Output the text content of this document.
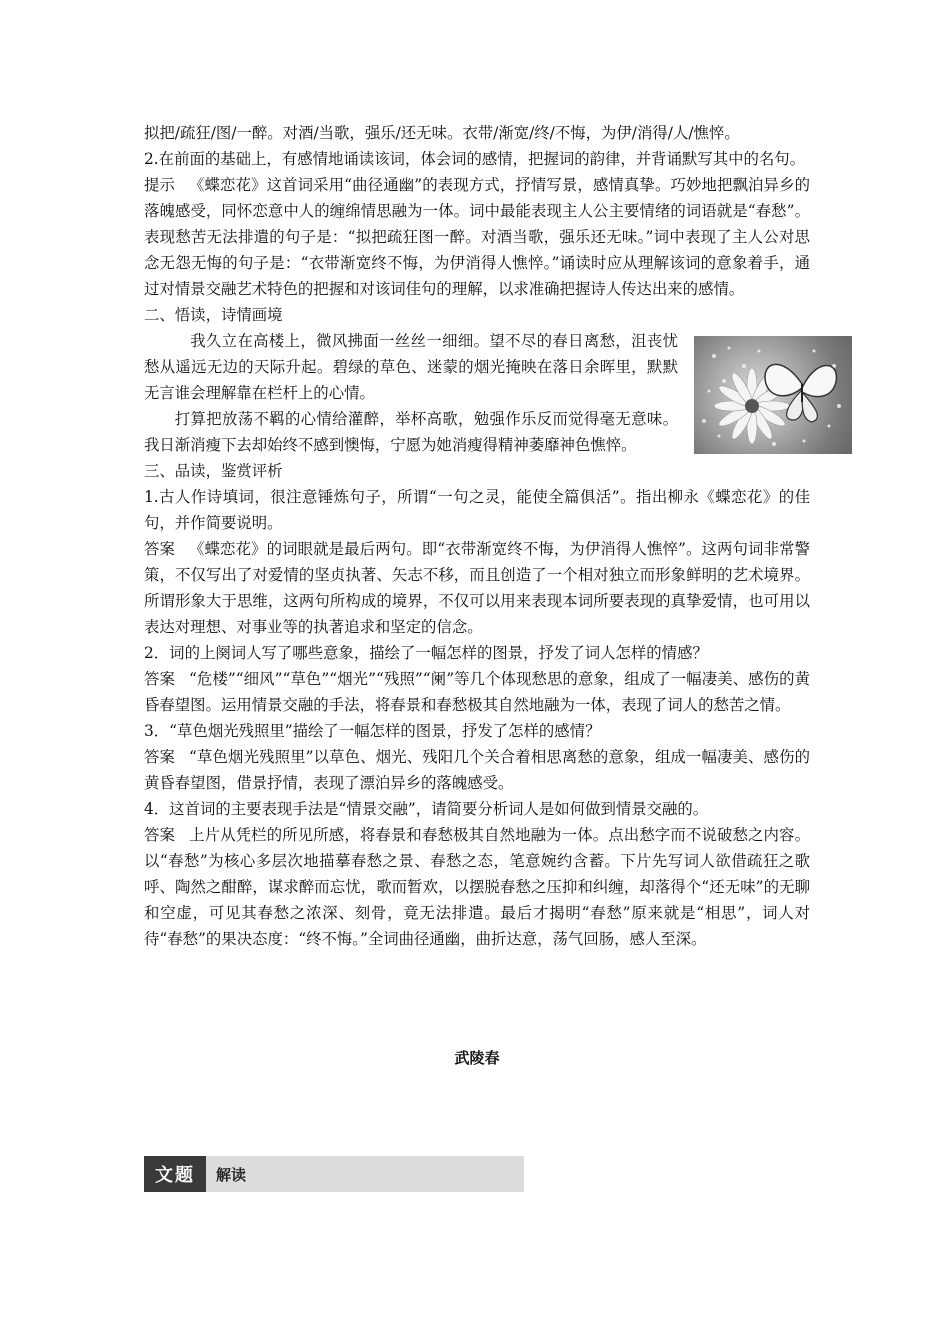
拟把/疏狂/图/一醉。对酒/当歌，强乐/还无味。衣带/渐宽/终/不悔，为伊/消得/人/憔悴。

2.在前面的基础上，有感情地诵读该词，体会词的感情，把握词的韵律，并背诵默写其中的名句。

提示 《蝶恋花》这首词采用“曲径通幽”的表现方式，抒情写景，感情真挚。巧妙地把飘泊异乡的落魄感受，同怀恋意中人的缠绵情思融为一体。词中最能表现主人公主要情绪的词语就是“春愁”。表现愁苦无法排遣的句子是：“拟把疏狂图一醉。对酒当歌，强乐还无味。”词中表现了主人公对思念无怨无悔的句子是：“衣带渐宽终不悔，为伊消得人憔悴。”诵读时应从理解该词的意象着手，通过对情景交融艺术特色的把握和对该词佳句的理解，以求准确把握诗人传达出来的感情。

二、悟读，诗情画境

我久立在高楼上，微风拂面一丝丝一细细。望不尽的春日离愁，沮丧忧愁从遥远无边的天际升起。碧绿的草色、迷蒙的烟光掩映在落日余晖里，默默无言谁会理解靠在栏杆上的心情。

打算把放荡不羁的心情给灌醉，举杯高歌，勉强作乐反而觉得毫无意味。我日渐消瘦下去却始终不感到懊悔，宁愿为她消瘦得精神萎靡神色憔悴。

三、品读，鉴赏评析

1.古人作诗填词，很注意锤炼句子，所谓“一句之灵，能使全篇俱活”。指出柳永《蝶恋花》的佳句，并作简要说明。

答案 《蝶恋花》的词眼就是最后两句。即“衣带渐宽终不悔，为伊消得人憔悴”。这两句词非常警策，不仅写出了对爱情的坚贞执著、矢志不移，而且创造了一个相对独立而形象鲜明的艺术境界。所谓形象大于思维，这两句所构成的境界，不仅可以用来表现本词所要表现的真挚爱情，也可用以表达对理想、对事业等的执著追求和坚定的信念。

2．词的上阕词人写了哪些意象，描绘了一幅怎样的图景，抒发了词人怎样的情感？

答案 “危楼”“细风”“草色”“烟光”“残照”“阑”等几个体现愁思的意象，组成了一幅凄美、感伤的黄昏春望图。运用情景交融的手法，将春景和春愁极其自然地融为一体，表现了词人的愁苦之情。

3．“草色烟光残照里”描绘了一幅怎样的图景，抒发了怎样的感情？

答案 “草色烟光残照里”以草色、烟光、残阳几个关合着相思离愁的意象，组成一幅凄美、感伤的黄昏春望图，借景抒情，表现了漂泊异乡的落魄感受。

4．这首词的主要表现手法是“情景交融”，请简要分析词人是如何做到情景交融的。

答案 上片从凭栏的所见所感，将春景和春愁极其自然地融为一体。点出愁字而不说破愁之内容。以“春愁”为核心多层次地描摹春愁之景、春愁之态，笔意婉约含蓄。下片先写词人欲借疏狂之歌呼、陶然之酣醉，谋求醉而忘忧，歌而暂欢，以摆脱春愁之压抑和纠缠，却落得个“还无味”的无聊和空虚，可见其春愁之浓深、刻骨，竟无法排遣。最后才揭明“春愁”原来就是“相思”，词人对待“春愁”的果决态度：“终不悔。”全词曲径通幽，曲折达意，荡气回肠，感人至深。

武陵春
文题	解读
